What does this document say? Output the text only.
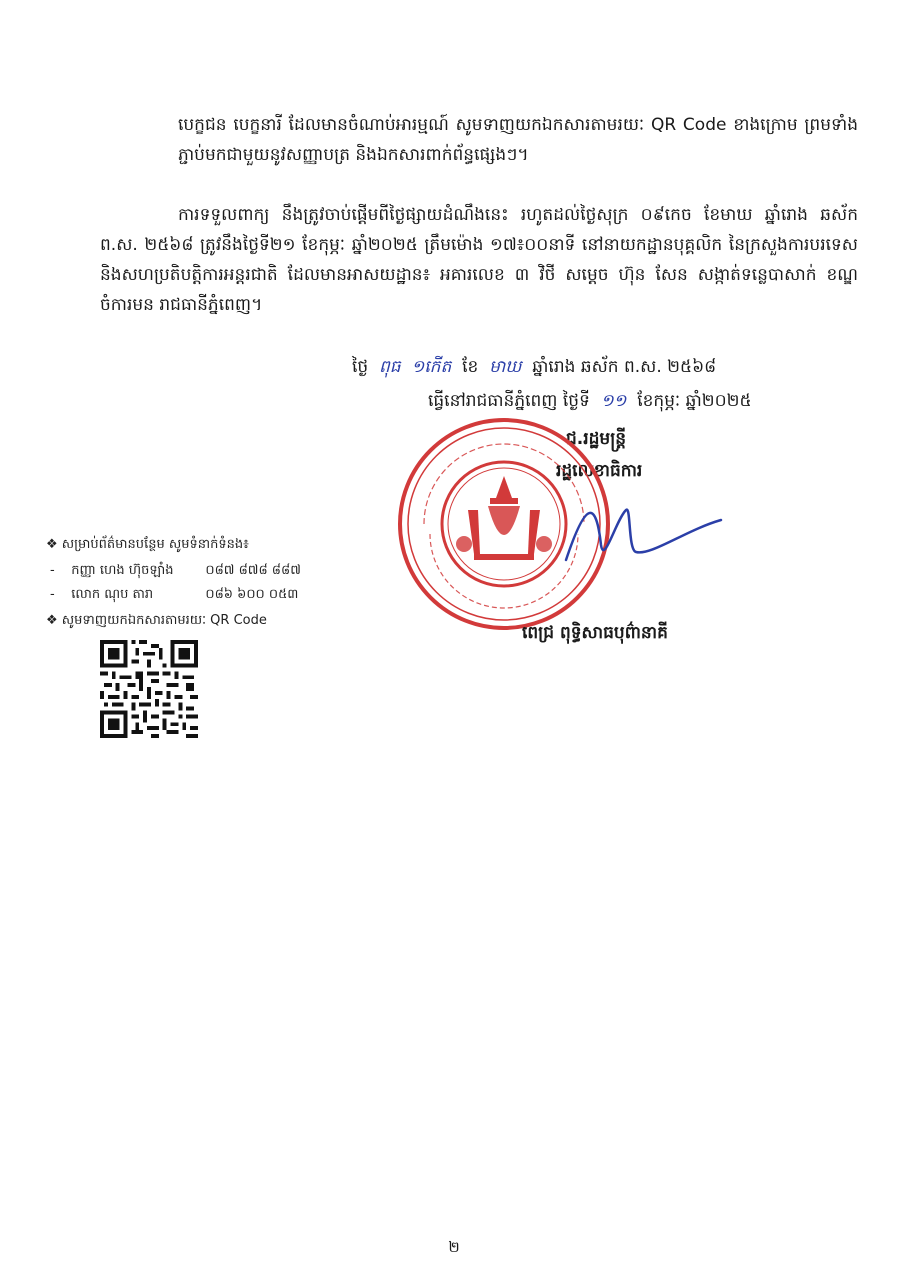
បេក្ខជន បេក្ខនារី ដែលមានចំណាប់អារម្មណ៍ សូមទាញយកឯកសារតាមរយៈ QR Code ខាងក្រោម ព្រមទាំងភ្ជាប់មកជាមួយនូវសញ្ញាបត្រ និងឯកសារពាក់ព័ន្ធផ្សេងៗ។

ការទទួលពាក្យ នឹងត្រូវចាប់ផ្ដើមពីថ្ងៃផ្សាយដំណឹងនេះ រហូតដល់ថ្ងៃសុក្រ ០៩កេច ខែមាឃ ឆ្នាំរោង ឆស័ក ព.ស. ២៥៦៨ ត្រូវនឹងថ្ងៃទី២១ ខែកុម្ភៈ ឆ្នាំ២០២៥ ត្រឹមម៉ោង ១៧៖០០នាទី នៅនាយកដ្ឋានបុគ្គលិក នៃក្រសួងការបរទេស និងសហប្រតិបត្តិការអន្តរជាតិ ដែលមានអាសយដ្ឋាន៖ អគារលេខ ៣ វិថី សម្ដេច ហ៊ុន សែន សង្កាត់ទន្លេបាសាក់ ខណ្ឌចំការមន រាជធានីភ្នំពេញ។

ថ្ងៃ ពុធ ១កើត ខែ មាឃ ឆ្នាំរោង ឆស័ក ព.ស. ២៥៦៨
ធ្វើនៅរាជធានីភ្នំពេញ ថ្ងៃទី ១១ ខែកុម្ភៈ ឆ្នាំ២០២៥
ជ.រដ្ឋមន្ត្រី
រដ្ឋលេខាធិការ
ពេជ្រ ពុទ្ធិសាធបុព៌ានាគី
❖ សម្រាប់ព័ត៌មានបន្ថែម សូមទំនាក់ទំនង៖
- កញ្ញា ហេង ហ៊ុចឡាំង ០៨៧ ៨៧៨ ៨៨៧
- លោក ណុប តារា	០៨៦ ៦០០ ០៥៣
❖ សូមទាញយកឯកសារតាមរយៈ QR Code
២
